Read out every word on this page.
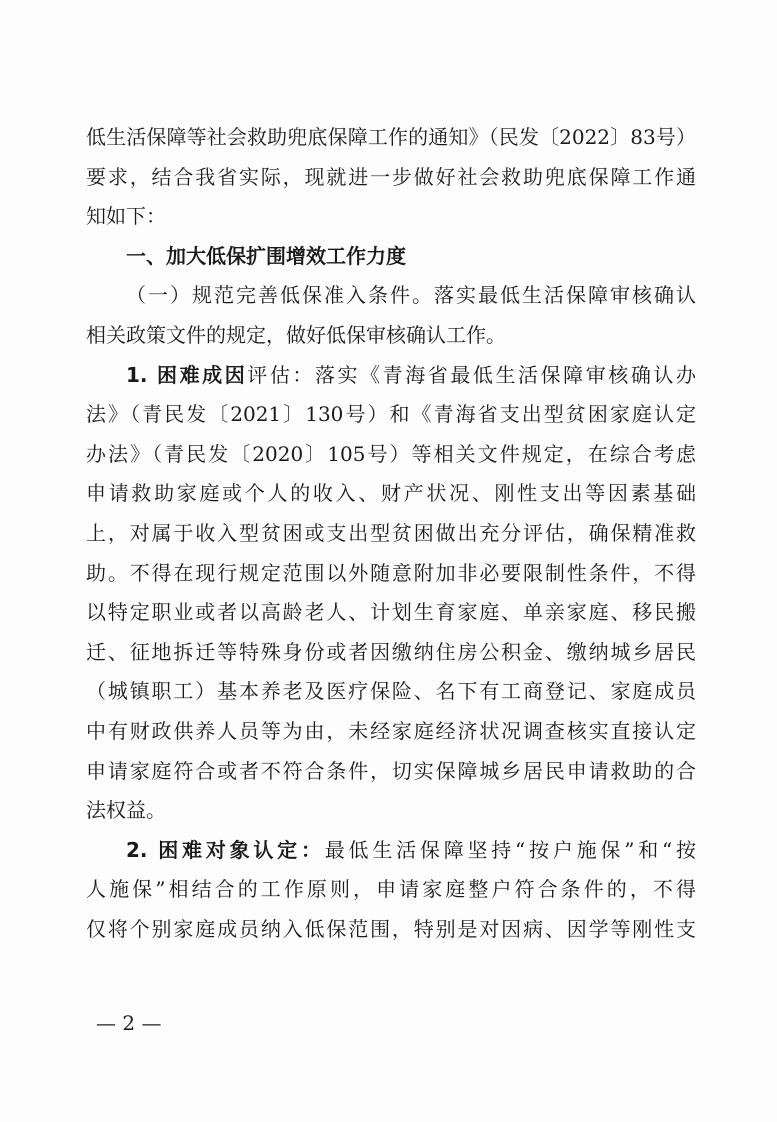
低生活保障等社会救助兜底保障工作的通知》（民发〔2022〕83号）
要求，结合我省实际，现就进一步做好社会救助兜底保障工作通
知如下：
一、加大低保扩围增效工作力度
（一）规范完善低保准入条件。落实最低生活保障审核确认
相关政策文件的规定，做好低保审核确认工作。
1. 困难成因评估：落实《青海省最低生活保障审核确认办
法》（青民发〔2021〕130号）和《青海省支出型贫困家庭认定
办法》（青民发〔2020〕105号）等相关文件规定，在综合考虑
申请救助家庭或个人的收入、财产状况、刚性支出等因素基础
上，对属于收入型贫困或支出型贫困做出充分评估，确保精准救
助。不得在现行规定范围以外随意附加非必要限制性条件，不得
以特定职业或者以高龄老人、计划生育家庭、单亲家庭、移民搬
迁、征地拆迁等特殊身份或者因缴纳住房公积金、缴纳城乡居民
（城镇职工）基本养老及医疗保险、名下有工商登记、家庭成员
中有财政供养人员等为由，未经家庭经济状况调查核实直接认定
申请家庭符合或者不符合条件，切实保障城乡居民申请救助的合
法权益。
2. 困难对象认定：最低生活保障坚持“按户施保”和“按
人施保”相结合的工作原则，申请家庭整户符合条件的，不得
仅将个别家庭成员纳入低保范围，特别是对因病、因学等刚性支
— 2 —
